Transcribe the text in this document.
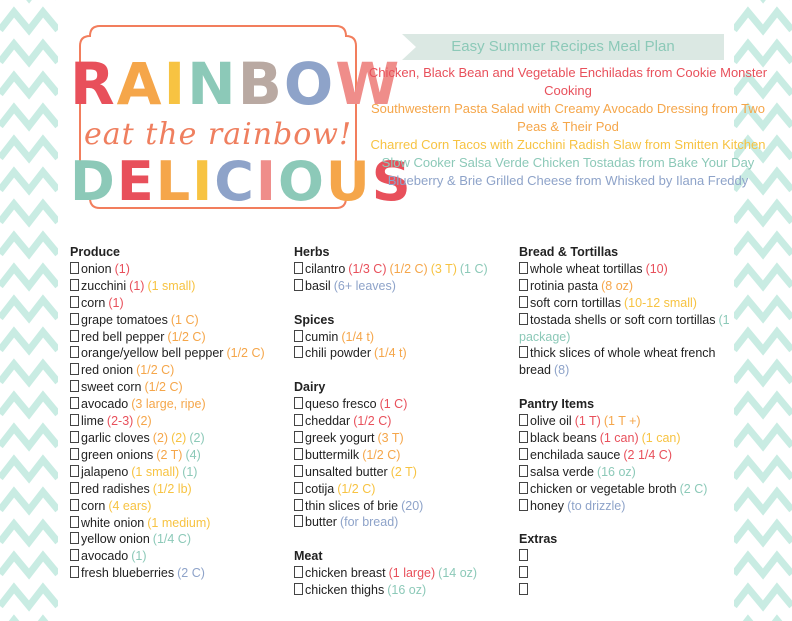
RAINBOW
eat the rainbow!
DELICIOUS
Easy Summer Recipes Meal Plan
Chicken, Black Bean and Vegetable Enchiladas from Cookie Monster Cooking
Southwestern Pasta Salad with Creamy Avocado Dressing from Two Peas & Their Pod
Charred Corn Tacos with Zucchini Radish Slaw from Smitten Kitchen
Slow Cooker Salsa Verde Chicken Tostadas from Bake Your Day
Blueberry & Brie Grilled Cheese from Whisked by Ilana Freddy
Produce
onion (1)
zucchini (1) (1 small)
corn (1)
grape tomatoes (1 C)
red bell pepper (1/2 C)
orange/yellow bell pepper (1/2 C)
red onion (1/2 C)
sweet corn (1/2 C)
avocado (3 large, ripe)
lime (2-3) (2)
garlic cloves (2) (2) (2)
green onions (2 T) (4)
jalapeno (1 small) (1)
red radishes (1/2 lb)
corn (4 ears)
white onion (1 medium)
yellow onion (1/4 C)
avocado (1)
fresh blueberries (2 C)
Herbs
cilantro (1/3 C) (1/2 C) (3 T) (1 C)
basil (6+ leaves)
Spices
cumin (1/4 t)
chili powder (1/4 t)
Dairy
queso fresco (1 C)
cheddar (1/2 C)
greek yogurt (3 T)
buttermilk (1/2 C)
unsalted butter (2 T)
cotija (1/2 C)
thin slices of brie (20)
butter (for bread)
Meat
chicken breast (1 large) (14 oz)
chicken thighs (16 oz)
Bread & Tortillas
whole wheat tortillas (10)
rotinia pasta (8 oz)
soft corn tortillas (10-12 small)
tostada shells or soft corn tortillas (1 package)
thick slices of whole wheat french bread (8)
Pantry Items
olive oil (1 T) (1 T +)
black beans (1 can) (1 can)
enchilada sauce (2 1/4 C)
salsa verde (16 oz)
chicken or vegetable broth (2 C)
honey (to drizzle)
Extras
